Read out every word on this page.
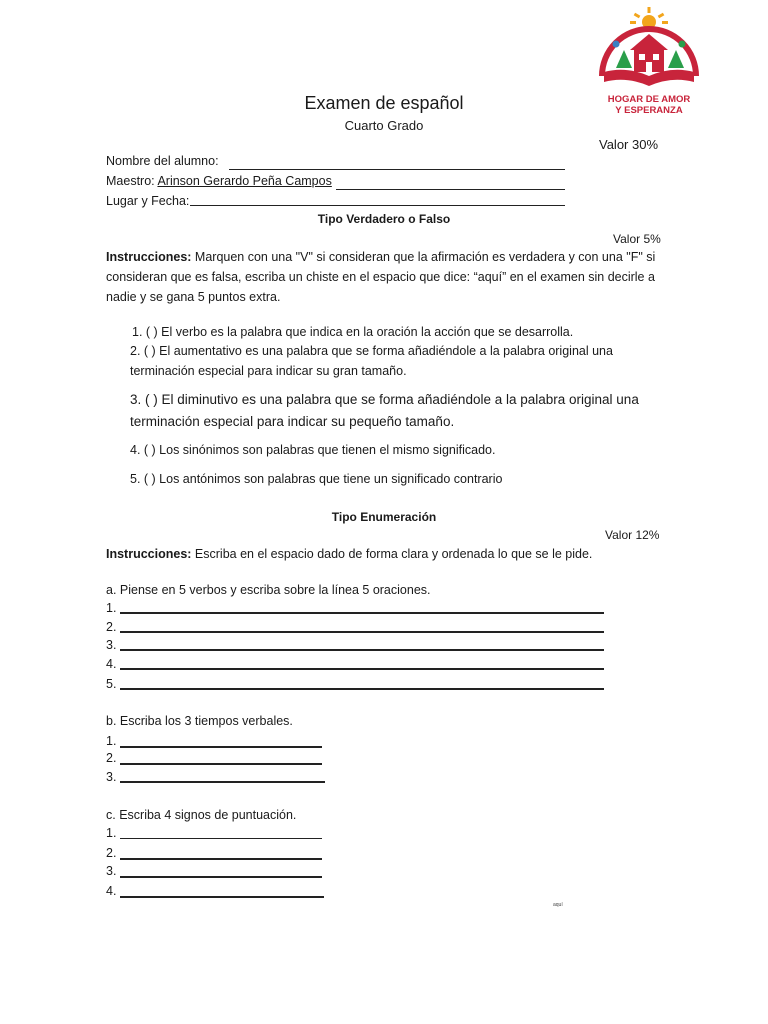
HOGAR DE AMOR
Y ESPERANZA
Examen de español
Cuarto Grado
Valor 30%
Nombre del alumno:
Maestro: Arinson Gerardo Peña Campos
Lugar y Fecha:
Tipo Verdadero o Falso
Valor 5%
Instrucciones: Marquen con una "V" si consideran que la afirmación es verdadera y con una "F" si consideran que es falsa, escriba un chiste en el espacio que dice: “aquí” en el examen sin decirle a nadie y se gana 5 puntos extra.
1. ( ) El verbo es la palabra que indica en la oración la acción que se desarrolla.
2. ( ) El aumentativo es una palabra que se forma añadiéndole a la palabra original una terminación especial para indicar su gran tamaño.
3. ( ) El diminutivo es una palabra que se forma añadiéndole a la palabra original una terminación especial para indicar su pequeño tamaño.
4. ( ) Los sinónimos son palabras que tienen el mismo significado.
5. ( ) Los antónimos son palabras que tiene un significado contrario
Tipo Enumeración
Valor 12%
Instrucciones: Escriba en el espacio dado de forma clara y ordenada lo que se le pide.
a. Piense en 5 verbos y escriba sobre la línea 5 oraciones.
1.
2.
3.
4.
5.
b. Escriba los 3 tiempos verbales.
1.
2.
3.
c. Escriba 4 signos de puntuación.
1.
2.
3.
4.
aquí
